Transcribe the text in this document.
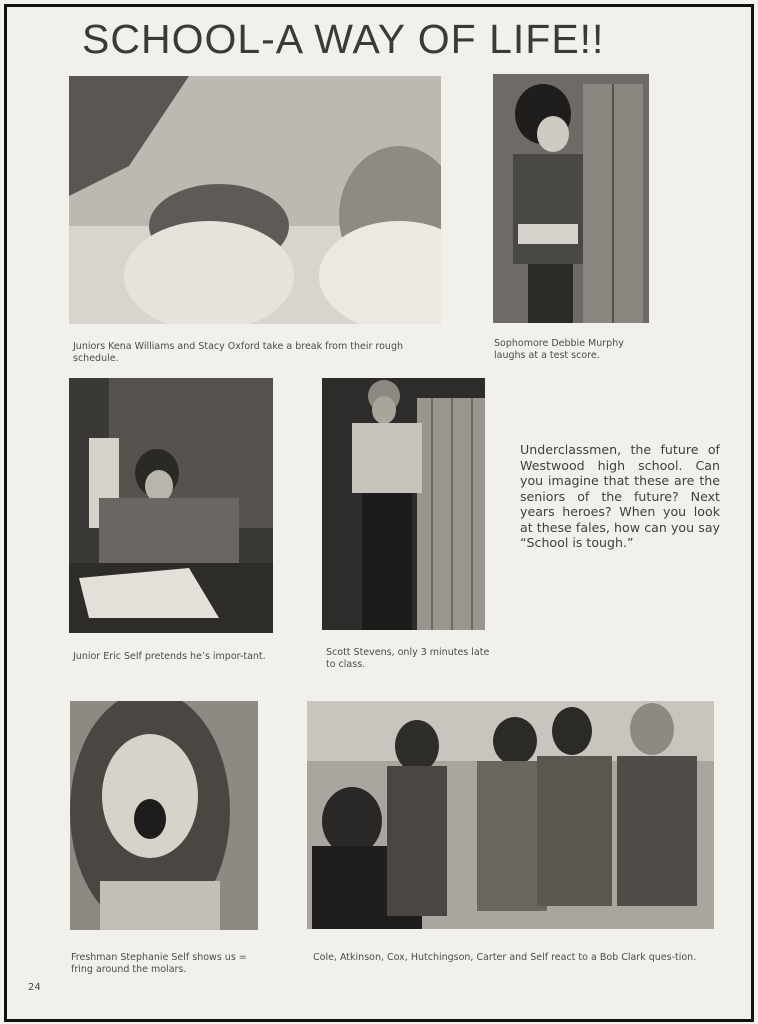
SCHOOL-A WAY OF LIFE!!
Juniors Kena Williams and Stacy Oxford take a break from their rough schedule.
Sophomore Debbie Murphy laughs at a test score.
Junior Eric Self pretends he’s impor-tant.	Scott Stevens, only 3 minutes late to class.
Underclassmen, the future of Westwood high school. Can you imagine that these are the seniors of the future? Next years heroes? When you look at these fales, how can you say “School is tough.”
Freshman Stephanie Self shows us = fring around the molars.
Cole, Atkinson, Cox, Hutchingson, Carter and Self react to a Bob Clark ques-tion.
24
